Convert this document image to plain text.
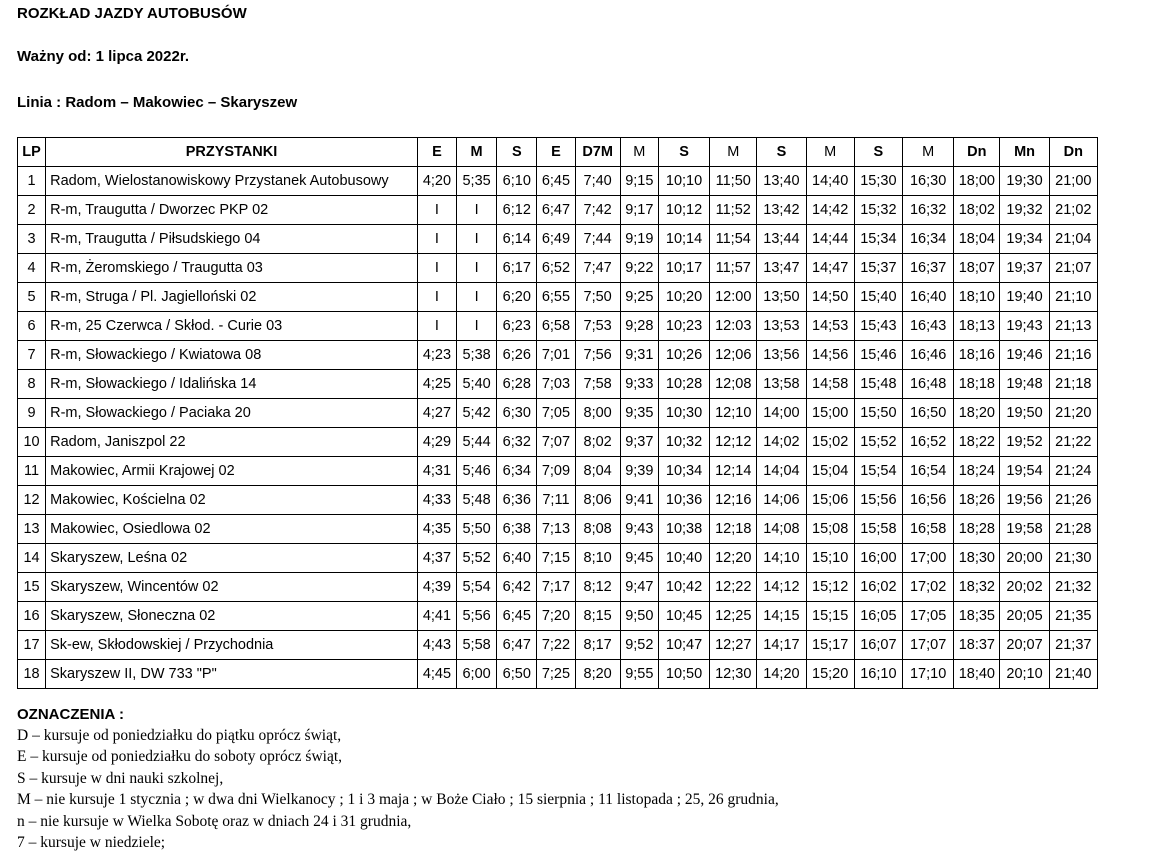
ROZKŁAD JAZDY AUTOBUSÓW

Ważny od: 1 lipca 2022r.

Linia : Radom – Makowiec – Skaryszew

LP	PRZYSTANKI	E	M	S	E	D7M	M	S	M	S	M	S	M	Dn	Mn	Dn
1	Radom, Wielostanowiskowy Przystanek Autobusowy	4;20	5;35	6;10	6;45	7;40	9;15	10;10	11;50	13;40	14;40	15;30	16;30	18;00	19;30	21;00
2	R-m, Traugutta / Dworzec PKP 02	I	I	6;12	6;47	7;42	9;17	10;12	11;52	13;42	14;42	15;32	16;32	18;02	19;32	21;02
3	R-m, Traugutta / Piłsudskiego 04	I	I	6;14	6;49	7;44	9;19	10;14	11;54	13;44	14;44	15;34	16;34	18;04	19;34	21;04
4	R-m, Żeromskiego / Traugutta 03	I	I	6;17	6;52	7;47	9;22	10;17	11;57	13;47	14;47	15;37	16;37	18;07	19;37	21;07
5	R-m, Struga / Pl. Jagielloński 02	I	I	6;20	6;55	7;50	9;25	10;20	12:00	13;50	14;50	15;40	16;40	18;10	19;40	21;10
6	R-m, 25 Czerwca / Skłod. - Curie 03	I	I	6;23	6;58	7;53	9;28	10;23	12:03	13;53	14;53	15;43	16;43	18;13	19;43	21;13
7	R-m, Słowackiego / Kwiatowa 08	4;23	5;38	6;26	7;01	7;56	9;31	10;26	12;06	13;56	14;56	15;46	16;46	18;16	19;46	21;16
8	R-m, Słowackiego / Idalińska 14	4;25	5;40	6;28	7;03	7;58	9;33	10;28	12;08	13;58	14;58	15;48	16;48	18;18	19;48	21;18
9	R-m, Słowackiego / Paciaka 20	4;27	5;42	6;30	7;05	8;00	9;35	10;30	12;10	14;00	15;00	15;50	16;50	18;20	19;50	21;20
10	Radom, Janiszpol 22	4;29	5;44	6;32	7;07	8;02	9;37	10;32	12;12	14;02	15;02	15;52	16;52	18;22	19;52	21;22
11	Makowiec, Armii Krajowej 02	4;31	5;46	6;34	7;09	8;04	9;39	10;34	12;14	14;04	15;04	15;54	16;54	18;24	19;54	21;24
12	Makowiec, Kościelna 02	4;33	5;48	6;36	7;11	8;06	9;41	10;36	12;16	14;06	15;06	15;56	16;56	18;26	19;56	21;26
13	Makowiec, Osiedlowa 02	4;35	5;50	6;38	7;13	8;08	9;43	10;38	12;18	14;08	15;08	15;58	16;58	18;28	19;58	21;28
14	Skaryszew, Leśna 02	4;37	5;52	6;40	7;15	8;10	9;45	10;40	12;20	14;10	15;10	16;00	17;00	18;30	20;00	21;30
15	Skaryszew, Wincentów 02	4;39	5;54	6;42	7;17	8;12	9;47	10;42	12;22	14;12	15;12	16;02	17;02	18;32	20;02	21;32
16	Skaryszew, Słoneczna 02	4;41	5;56	6;45	7;20	8;15	9;50	10;45	12;25	14;15	15;15	16;05	17;05	18;35	20;05	21;35
17	Sk-ew, Skłodowskiej / Przychodnia	4;43	5;58	6;47	7;22	8;17	9;52	10;47	12;27	14;17	15;17	16;07	17;07	18:37	20;07	21;37
18	Skaryszew II, DW 733 "P"	4;45	6;00	6;50	7;25	8;20	9;55	10;50	12;30	14;20	15;20	16;10	17;10	18;40	20;10	21;40
OZNACZENIA :
D – kursuje od poniedziałku do piątku oprócz świąt,
E – kursuje od poniedziałku do soboty oprócz świąt,
S – kursuje w dni nauki szkolnej,
M – nie kursuje 1 stycznia ; w dwa dni Wielkanocy ; 1 i 3 maja ; w Boże Ciało ; 15 sierpnia ; 11 listopada ; 25, 26 grudnia,
n – nie kursuje w Wielka Sobotę oraz w dniach 24 i 31 grudnia,
7 – kursuje w niedziele;
